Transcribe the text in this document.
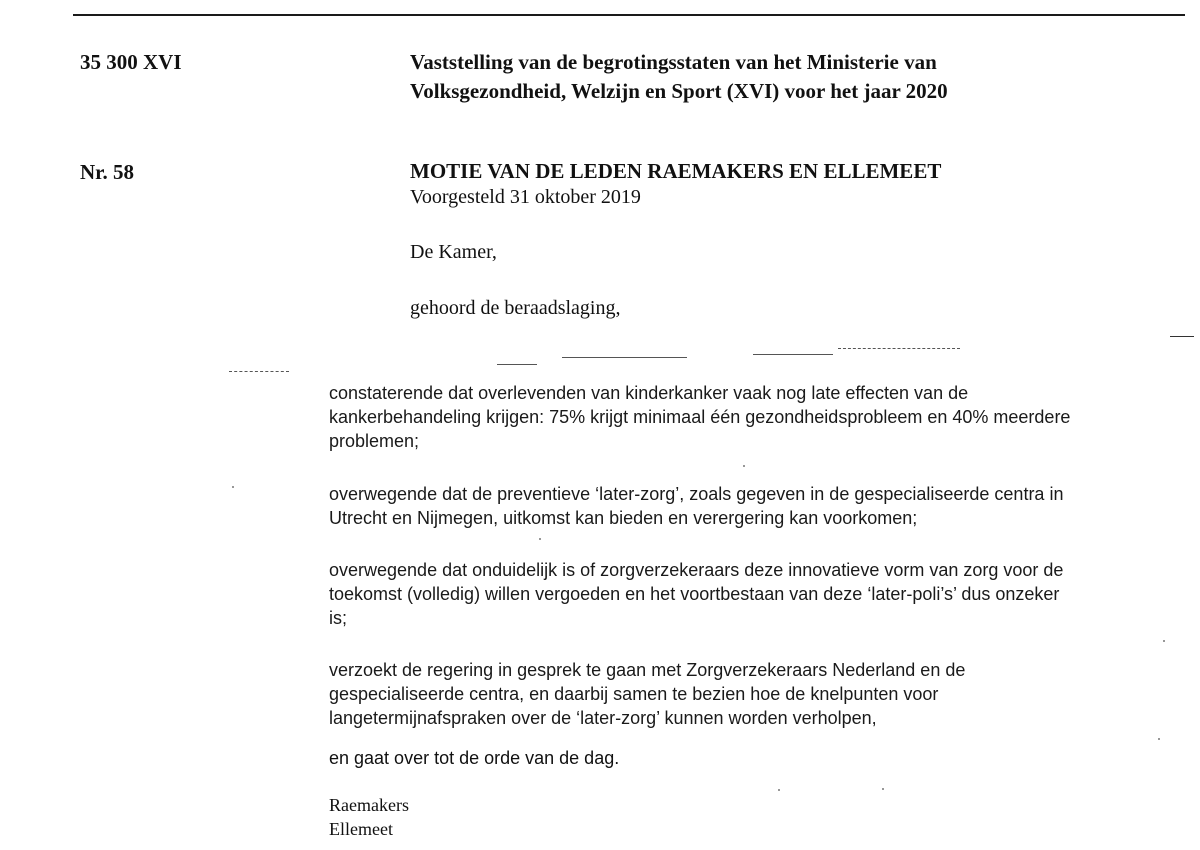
35 300 XVI	Vaststelling van de begrotingsstaten van het Ministerie van
Volksgezondheid, Welzijn en Sport (XVI) voor het jaar 2020
Nr. 58	MOTIE VAN DE LEDEN RAEMAKERS EN ELLEMEET
Voorgesteld 31 oktober 2019
De Kamer,
gehoord de beraadslaging,
constaterende dat overlevenden van kinderkanker vaak nog late effecten van de
kankerbehandeling krijgen: 75% krijgt minimaal één gezondheidsprobleem en 40% meerdere
problemen;
overwegende dat de preventieve ‘later-zorg’, zoals gegeven in de gespecialiseerde centra in
Utrecht en Nijmegen, uitkomst kan bieden en verergering kan voorkomen;
overwegende dat onduidelijk is of zorgverzekeraars deze innovatieve vorm van zorg voor de
toekomst (volledig) willen vergoeden en het voortbestaan van deze ‘later-poli’s’ dus onzeker
is;
verzoekt de regering in gesprek te gaan met Zorgverzekeraars Nederland en de
gespecialiseerde centra, en daarbij samen te bezien hoe de knelpunten voor
langetermijnafspraken over de ‘later-zorg’ kunnen worden verholpen,
en gaat over tot de orde van de dag.
Raemakers
Ellemeet
